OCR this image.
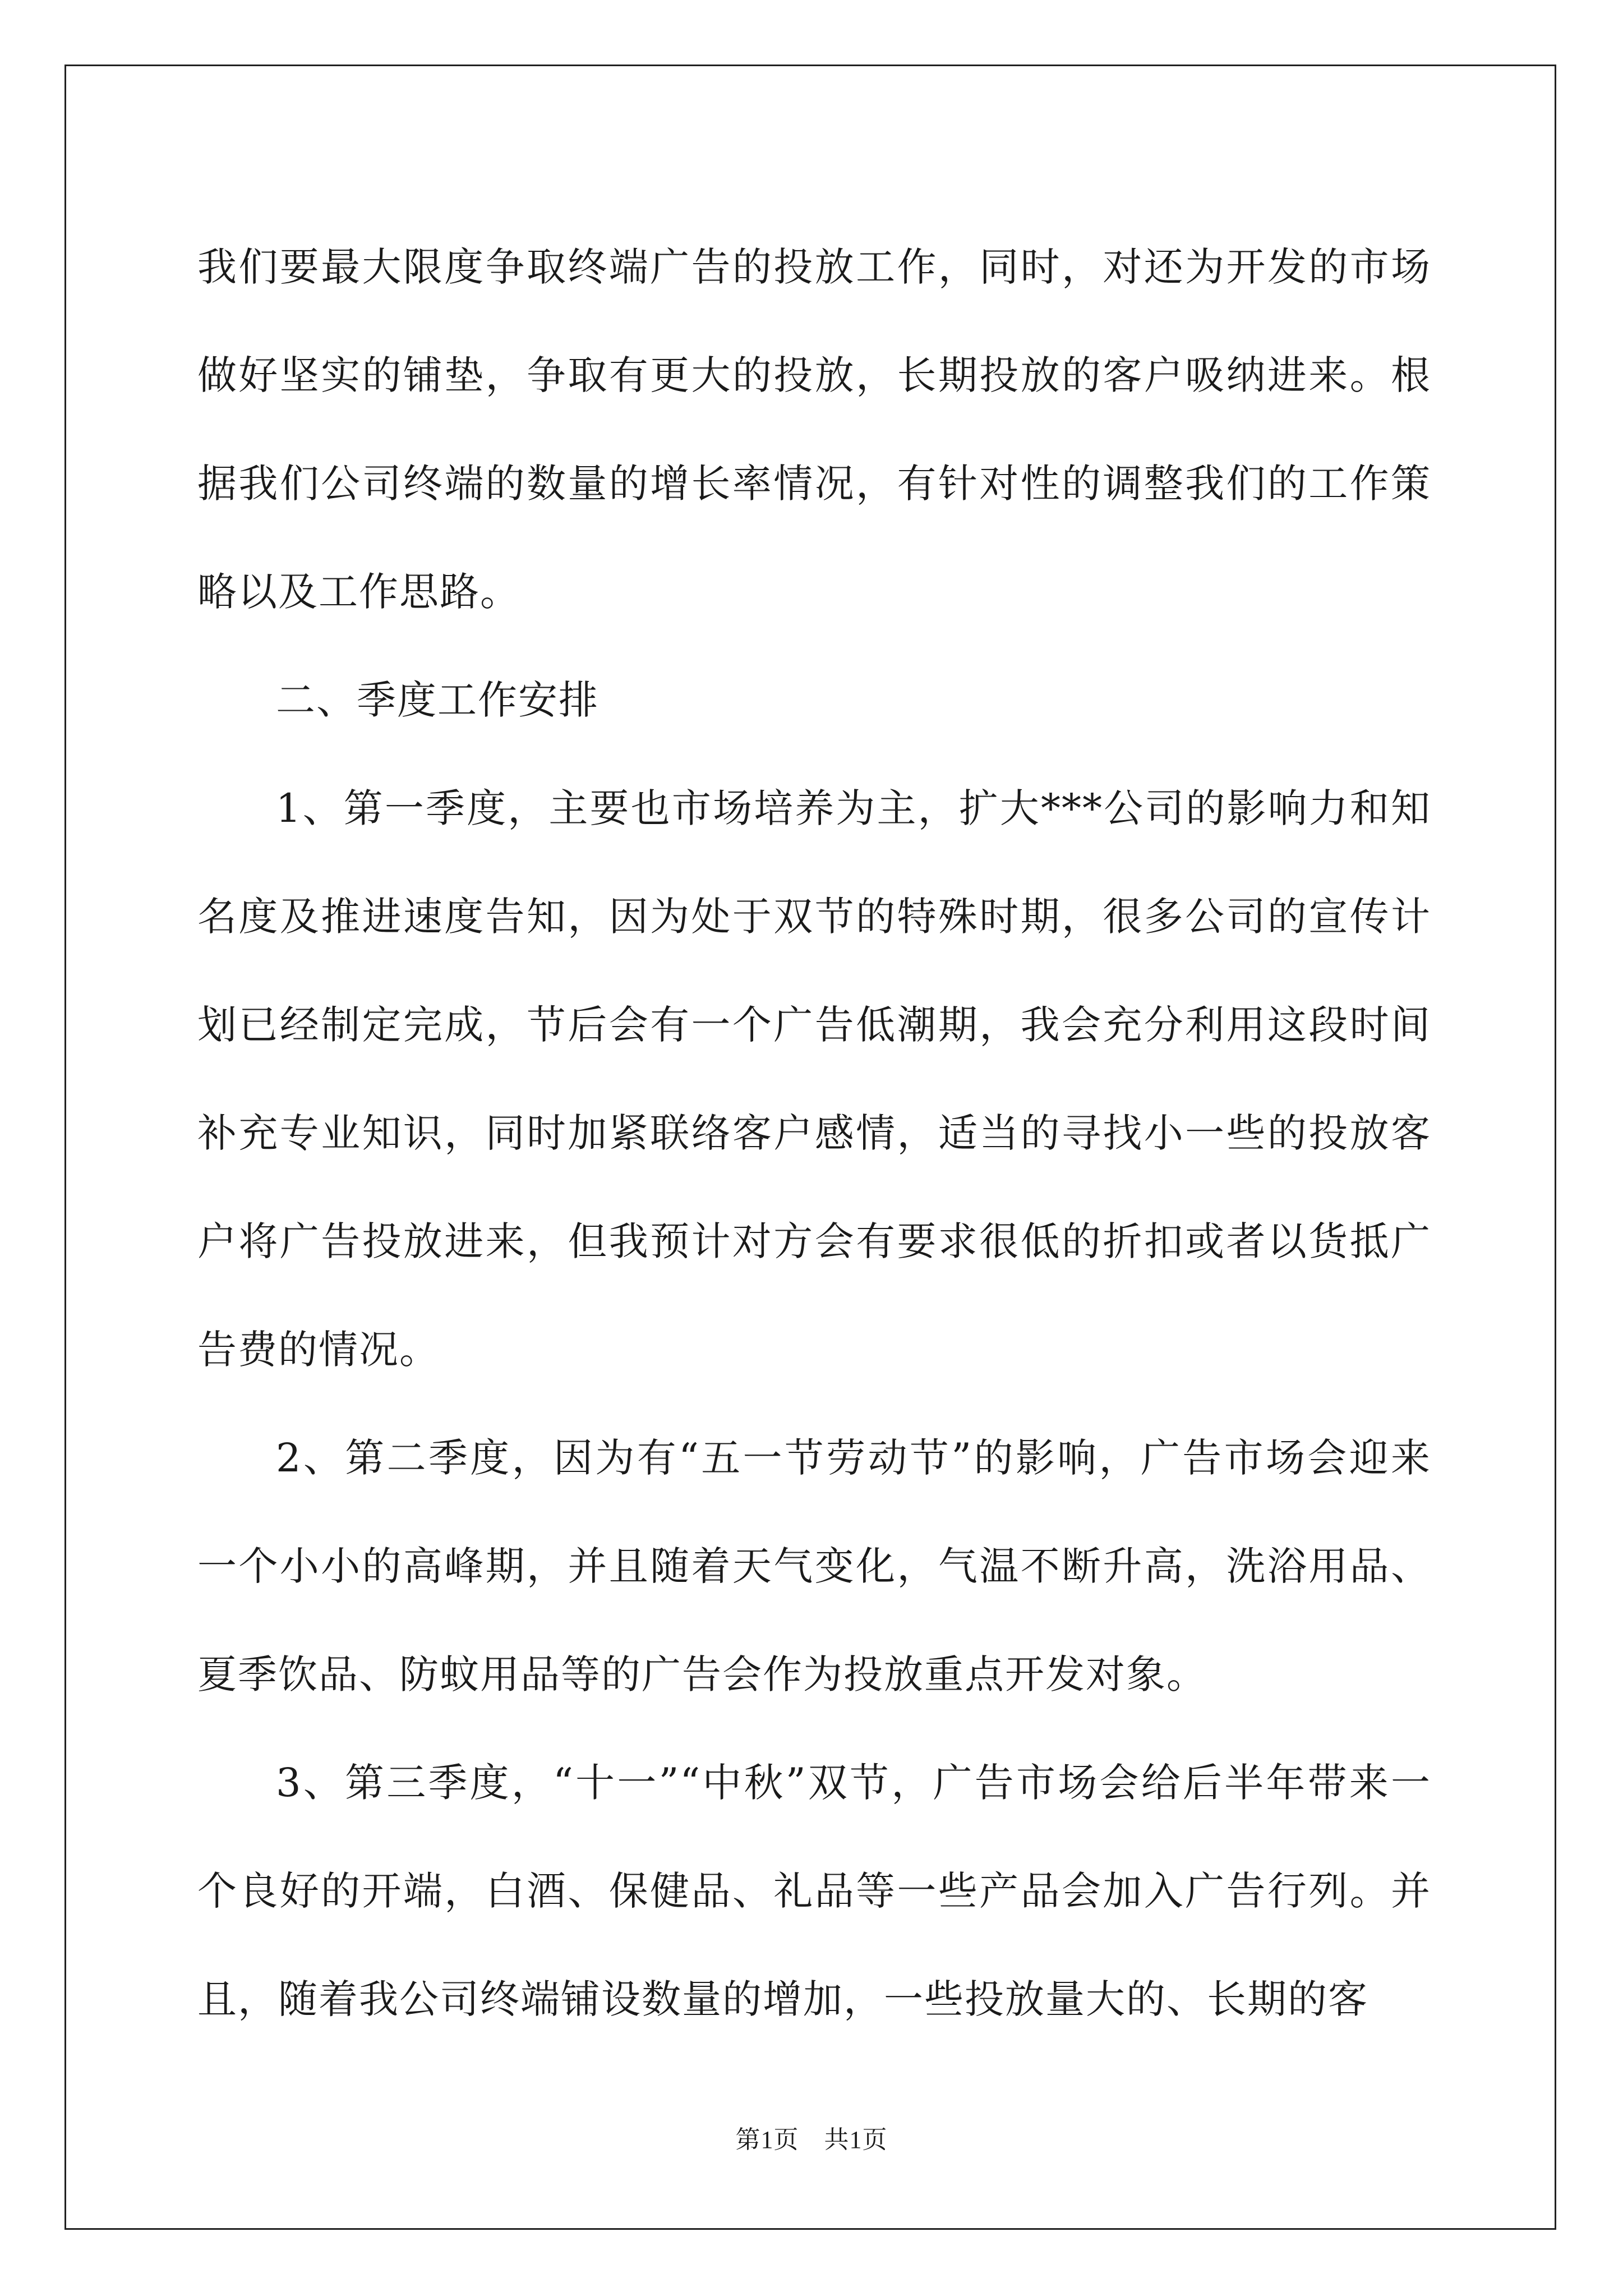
我们要最大限度争取终端广告的投放工作，同时，对还为开发的市场做好坚实的铺垫，争取有更大的投放，长期投放的客户吸纳进来。根据我们公司终端的数量的增长率情况，有针对性的调整我们的工作策略以及工作思路。

二、季度工作安排

1、第一季度，主要也市场培养为主，扩大***公司的影响力和知名度及推进速度告知，因为处于双节的特殊时期，很多公司的宣传计划已经制定完成，节后会有一个广告低潮期，我会充分利用这段时间补充专业知识，同时加紧联络客户感情，适当的寻找小一些的投放客户将广告投放进来，但我预计对方会有要求很低的折扣或者以货抵广告费的情况。

2、第二季度，因为有“五一节劳动节”的影响，广告市场会迎来一个小小的高峰期，并且随着天气变化，气温不断升高，洗浴用品、夏季饮品、防蚊用品等的广告会作为投放重点开发对象。

3、第三季度，“十一”“中秋”双节，广告市场会给后半年带来一个良好的开端，白酒、保健品、礼品等一些产品会加入广告行列。并且，随着我公司终端铺设数量的增加，一些投放量大的、长期的客

第1页　共1页
